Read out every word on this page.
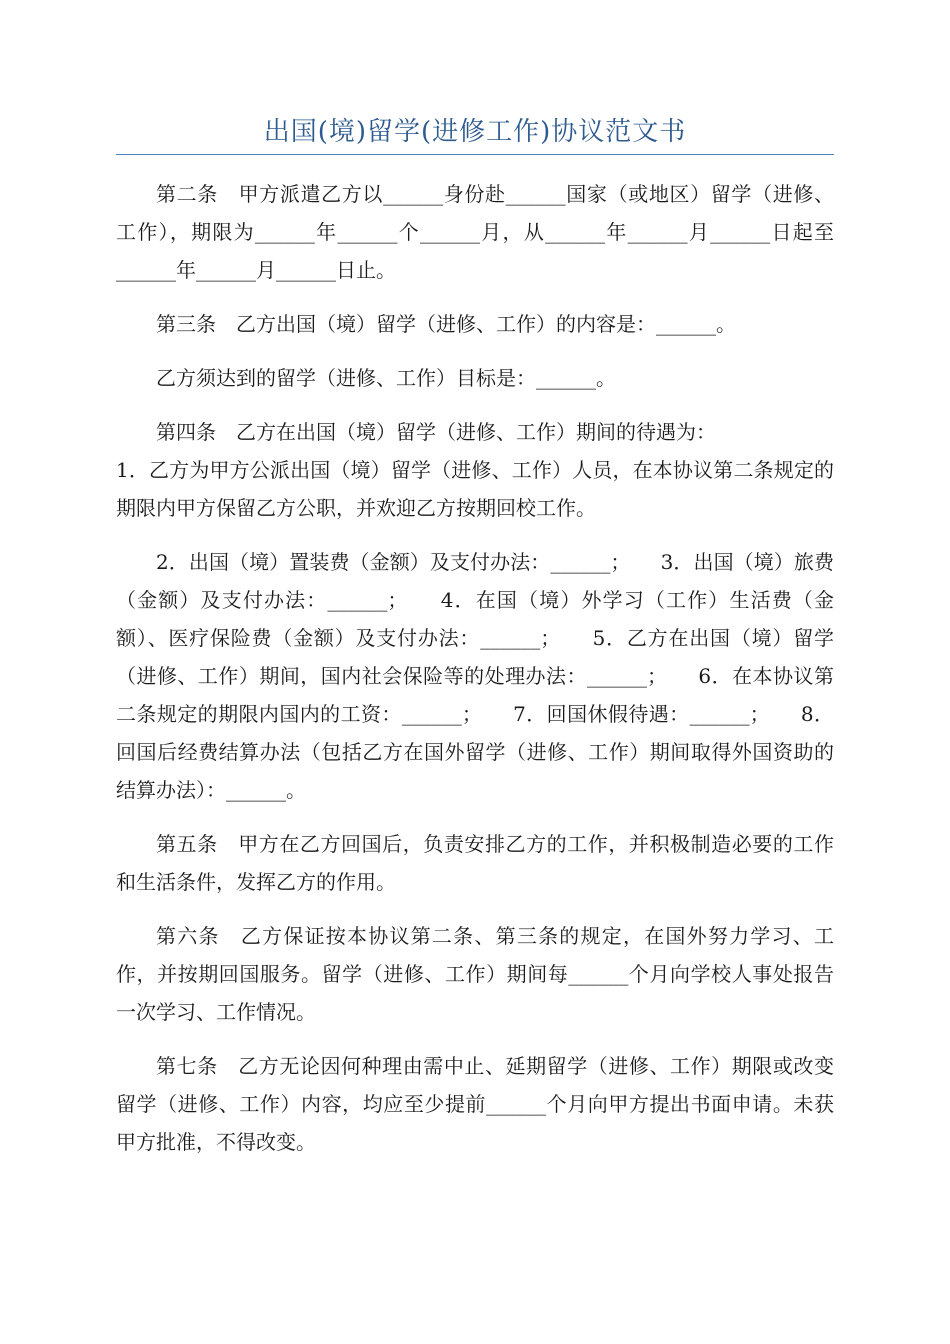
出国(境)留学(进修工作)协议范文书

第二条　甲方派遣乙方以______身份赴______国家（或地区）留学（进修、工作），期限为______年______个______月，从______年______月______日起至______年______月______日止。

第三条　乙方出国（境）留学（进修、工作）的内容是：______。

乙方须达到的留学（进修、工作）目标是：______。

第四条　乙方在出国（境）留学（进修、工作）期间的待遇为：

1．乙方为甲方公派出国（境）留学（进修、工作）人员，在本协议第二条规定的期限内甲方保留乙方公职，并欢迎乙方按期回校工作。

2．出国（境）置装费（金额）及支付办法：______；　　3．出国（境）旅费（金额）及支付办法：______；　　4．在国（境）外学习（工作）生活费（金额）、医疗保险费（金额）及支付办法：______；　　5．乙方在出国（境）留学（进修、工作）期间，国内社会保险等的处理办法：______；　　6．在本协议第二条规定的期限内国内的工资：______；　　7．回国休假待遇：______；　　8．回国后经费结算办法（包括乙方在国外留学（进修、工作）期间取得外国资助的结算办法）：______。

第五条　甲方在乙方回国后，负责安排乙方的工作，并积极制造必要的工作和生活条件，发挥乙方的作用。

第六条　乙方保证按本协议第二条、第三条的规定，在国外努力学习、工作，并按期回国服务。留学（进修、工作）期间每______个月向学校人事处报告一次学习、工作情况。

第七条　乙方无论因何种理由需中止、延期留学（进修、工作）期限或改变留学（进修、工作）内容，均应至少提前______个月向甲方提出书面申请。未获甲方批准，不得改变。
